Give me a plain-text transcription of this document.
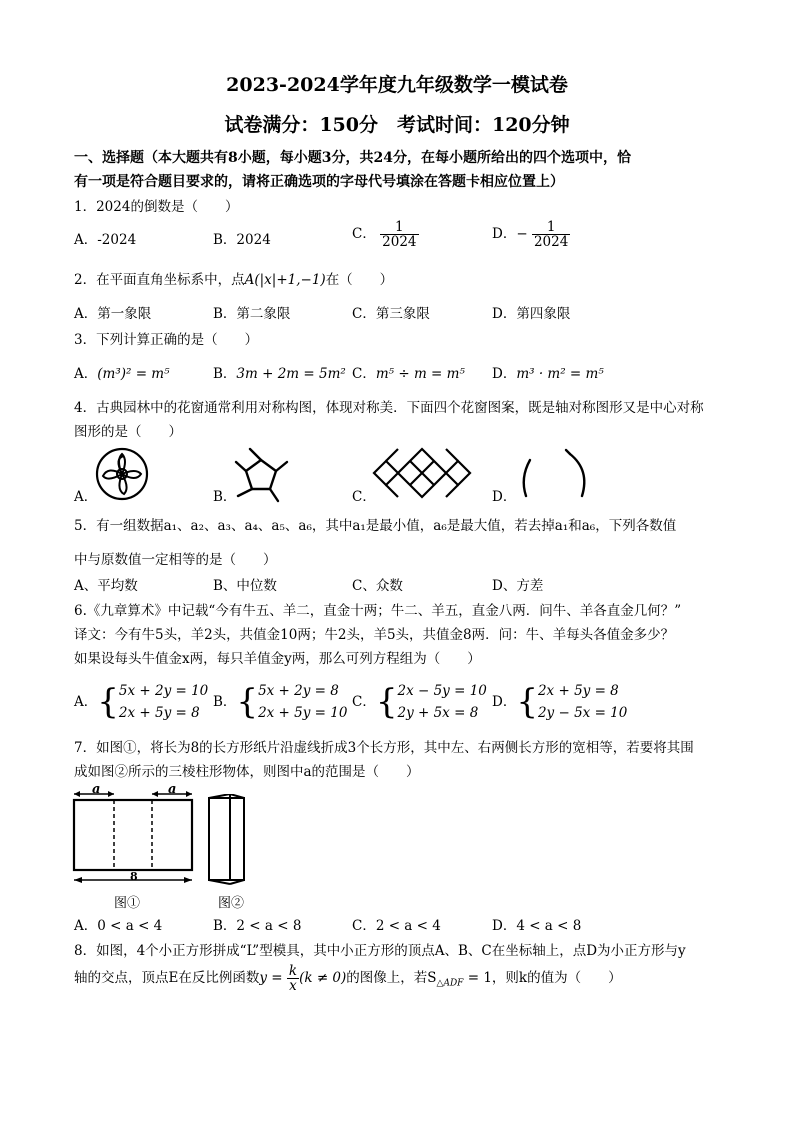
2023-2024学年度九年级数学一模试卷
试卷满分：150分　考试时间：120分钟
一、选择题（本大题共有8小题，每小题3分，共24分，在每小题所给出的四个选项中，恰
有一项是符合题目要求的，请将正确选项的字母代号填涂在答题卡相应位置上）
1．2024的倒数是（　　）
A．-2024	B．2024	C． $\frac{1}{2024}$	D．− $\frac{1}{2024}$
2．在平面直角坐标系中，点A(|x|+1,−1)在（　　）
A．第一象限	B．第二象限	C．第三象限	D．第四象限
3．下列计算正确的是（　　）
A．(m³)² = m⁵	B．3m + 2m = 5m² C．m⁵ ÷ m = m⁵ D．m³ · m² = m⁵
4．古典园林中的花窗通常利用对称构图，体现对称美．下面四个花窗图案，既是轴对称图形又是中心对称
图形的是（　　）
A．	B．	C．	D．
5．有一组数据a₁、a₂、a₃、a₄、a₅、a₆，其中a₁是最小值，a₆是最大值，若去掉a₁和a₆，下列各数值
中与原数值一定相等的是（　　）
A、平均数	B、中位数	C、众数	D、方差
6.《九章算术》中记载“今有牛五、羊二，直金十两；牛二、羊五，直金八两．问牛、羊各直金几何？”
译文：今有牛5头，羊2头，共值金10两；牛2头，羊5头，共值金8两．问：牛、羊每头各值金多少？
如果设每头牛值金x两，每只羊值金y两，那么可列方程组为（　　）
A．{5x + 2y = 10
2x + 5y = 8
B．{5x + 2y = 8
2x + 5y = 10
C．{2x − 5y = 10
2y + 5x = 8
D．{2x + 5y = 8
2y − 5x = 10
7．如图①，将长为8的长方形纸片沿虚线折成3个长方形，其中左、右两侧长方形的宽相等，若要将其围
成如图②所示的三棱柱形物体，则图中a的范围是（　　）
a	a
8
图①	图②
A．0 < a < 4	B．2 < a < 8	C．2 < a < 4	D．4 < a < 8
8．如图，4个小正方形拼成“L”型模具，其中小正方形的顶点A、B、C在坐标轴上，点D为小正方形与y
轴的交点，顶点E在反比例函数$y = \frac{k}{x} (k \ne 0)$的图像上，若$S_{\triangle ADF} = 1$，则k的值为（　　）
